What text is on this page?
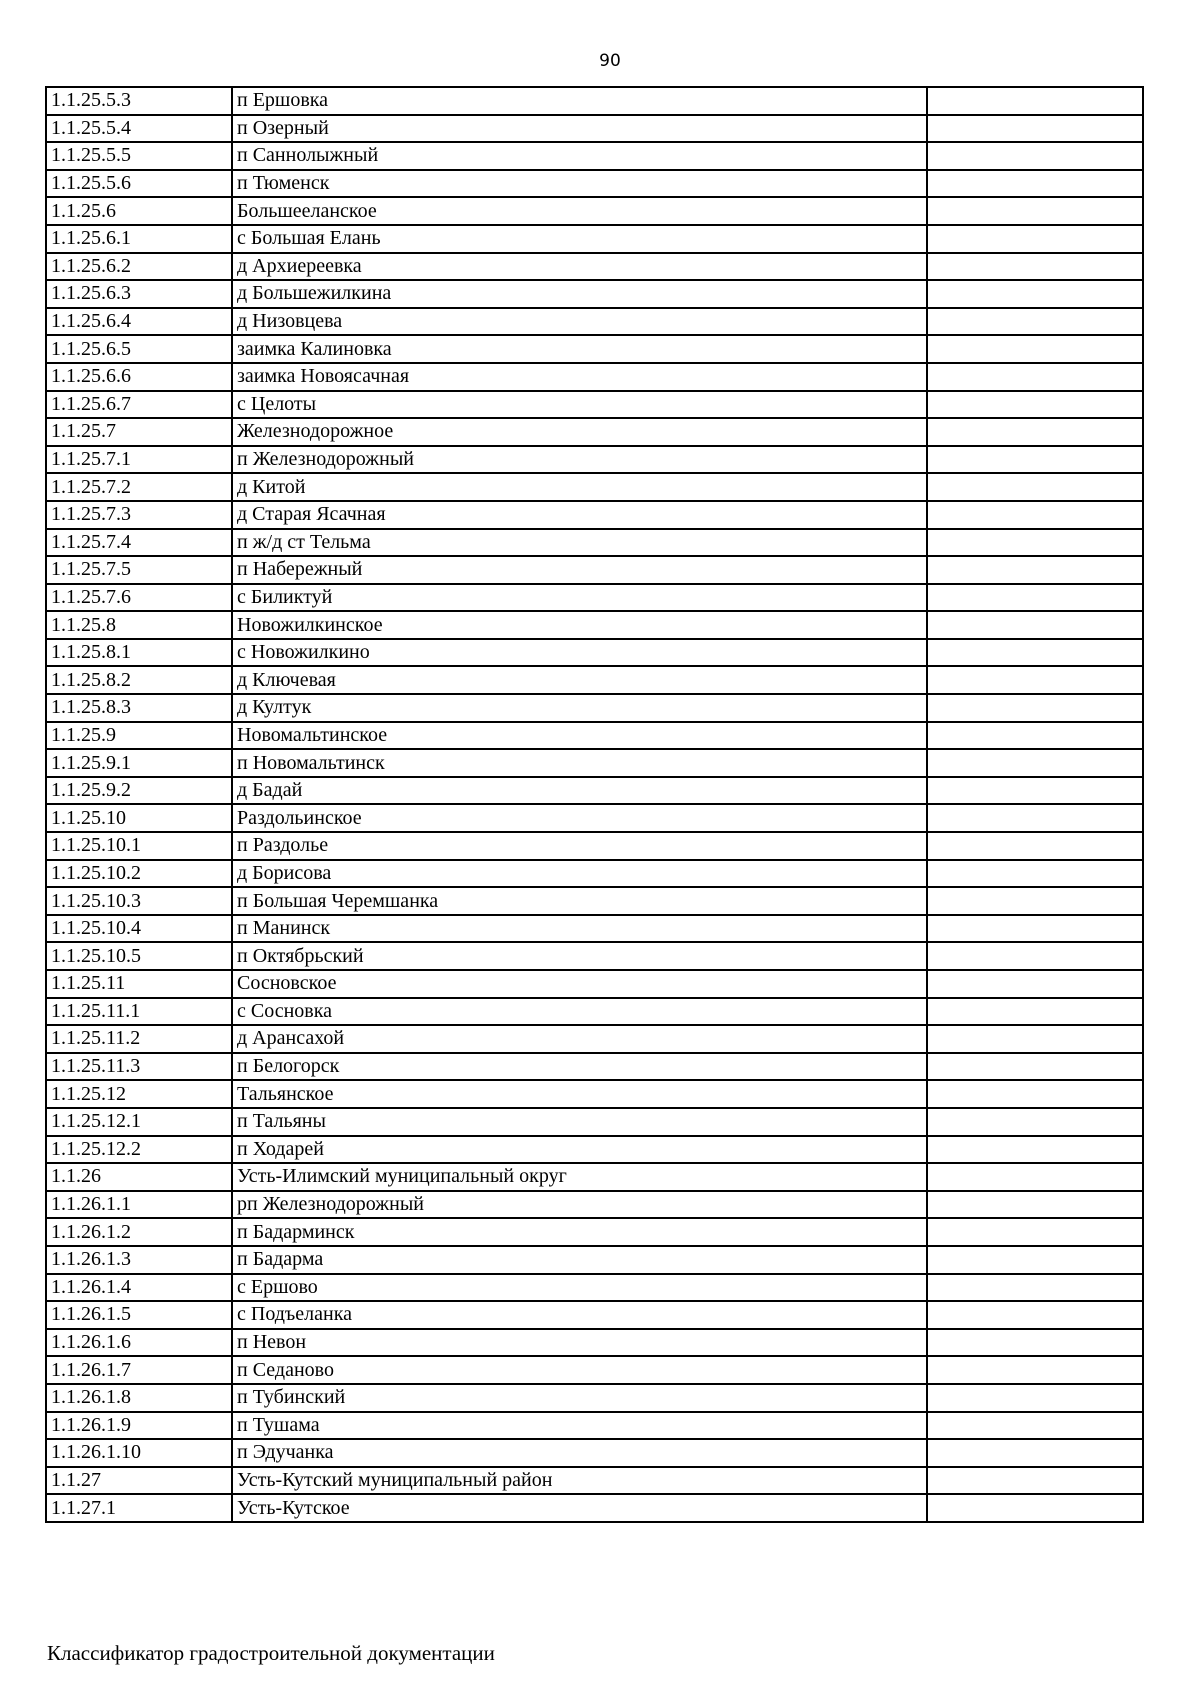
90
1.1.25.5.3	п Ершовка	
1.1.25.5.4	п Озерный	
1.1.25.5.5	п Саннолыжный	
1.1.25.5.6	п Тюменск	
1.1.25.6	Большееланское	
1.1.25.6.1	с Большая Елань	
1.1.25.6.2	д Архиереевка	
1.1.25.6.3	д Большежилкина	
1.1.25.6.4	д Низовцева	
1.1.25.6.5	заимка Калиновка	
1.1.25.6.6	заимка Новоясачная	
1.1.25.6.7	с Целоты	
1.1.25.7	Железнодорожное	
1.1.25.7.1	п Железнодорожный	
1.1.25.7.2	д Китой	
1.1.25.7.3	д Старая Ясачная	
1.1.25.7.4	п ж/д ст Тельма	
1.1.25.7.5	п Набережный	
1.1.25.7.6	с Биликтуй	
1.1.25.8	Новожилкинское	
1.1.25.8.1	с Новожилкино	
1.1.25.8.2	д Ключевая	
1.1.25.8.3	д Култук	
1.1.25.9	Новомальтинское	
1.1.25.9.1	п Новомальтинск	
1.1.25.9.2	д Бадай	
1.1.25.10	Раздольинское	
1.1.25.10.1	п Раздолье	
1.1.25.10.2	д Борисова	
1.1.25.10.3	п Большая Черемшанка	
1.1.25.10.4	п Манинск	
1.1.25.10.5	п Октябрьский	
1.1.25.11	Сосновское	
1.1.25.11.1	с Сосновка	
1.1.25.11.2	д Арансахой	
1.1.25.11.3	п Белогорск	
1.1.25.12	Тальянское	
1.1.25.12.1	п Тальяны	
1.1.25.12.2	п Ходарей	
1.1.26	Усть-Илимский муниципальный округ	
1.1.26.1.1	рп Железнодорожный	
1.1.26.1.2	п Бадарминск	
1.1.26.1.3	п Бадарма	
1.1.26.1.4	с Ершово	
1.1.26.1.5	с Подъеланка	
1.1.26.1.6	п Невон	
1.1.26.1.7	п Седаново	
1.1.26.1.8	п Тубинский	
1.1.26.1.9	п Тушама	
1.1.26.1.10	п Эдучанка	
1.1.27	Усть-Кутский муниципальный район	
1.1.27.1	Усть-Кутское	
Классификатор градостроительной документации
